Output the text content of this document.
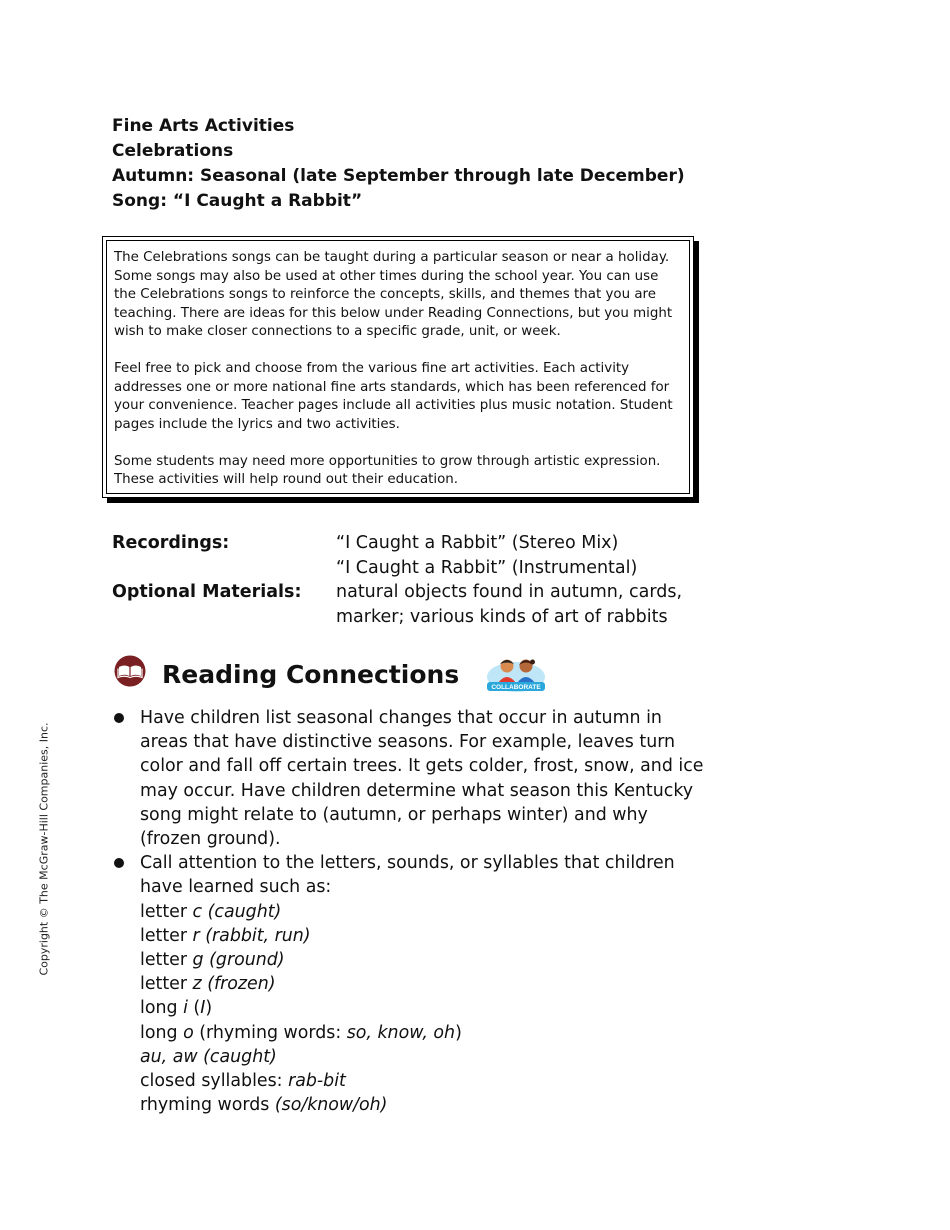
Fine Arts Activities
Celebrations
Autumn: Seasonal (late September through late December)
Song: “I Caught a Rabbit”

The Celebrations songs can be taught during a particular season or near a holiday. Some songs may also be used at other times during the school year. You can use the Celebrations songs to reinforce the concepts, skills, and themes that you are teaching. There are ideas for this below under Reading Connections, but you might wish to make closer connections to a specific grade, unit, or week.

Feel free to pick and choose from the various fine art activities. Each activity addresses one or more national fine arts standards, which has been referenced for your convenience. Teacher pages include all activities plus music notation. Student pages include the lyrics and two activities.

Some students may need more opportunities to grow through artistic expression. These activities will help round out their education.

Recordings:	“I Caught a Rabbit” (Stereo Mix)
“I Caught a Rabbit” (Instrumental)

Optional Materials:	natural objects found in autumn, cards,
marker; various kinds of art of rabbits
Reading Connections	COLLABORATE
Have children list seasonal changes that occur in autumn in
areas that have distinctive seasons. For example, leaves turn
color and fall off certain trees. It gets colder, frost, snow, and ice
may occur. Have children determine what season this Kentucky
song might relate to (autumn, or perhaps winter) and why
(frozen ground).
Call attention to the letters, sounds, or syllables that children
have learned such as:
letter c (caught)
letter r (rabbit, run)
letter g (ground)
letter z (frozen)
long i (I)
long o (rhyming words: so, know, oh)
au, aw (caught)
closed syllables: rab-bit
rhyming words (so/know/oh)
Copyright © The McGraw-Hill Companies, Inc.
